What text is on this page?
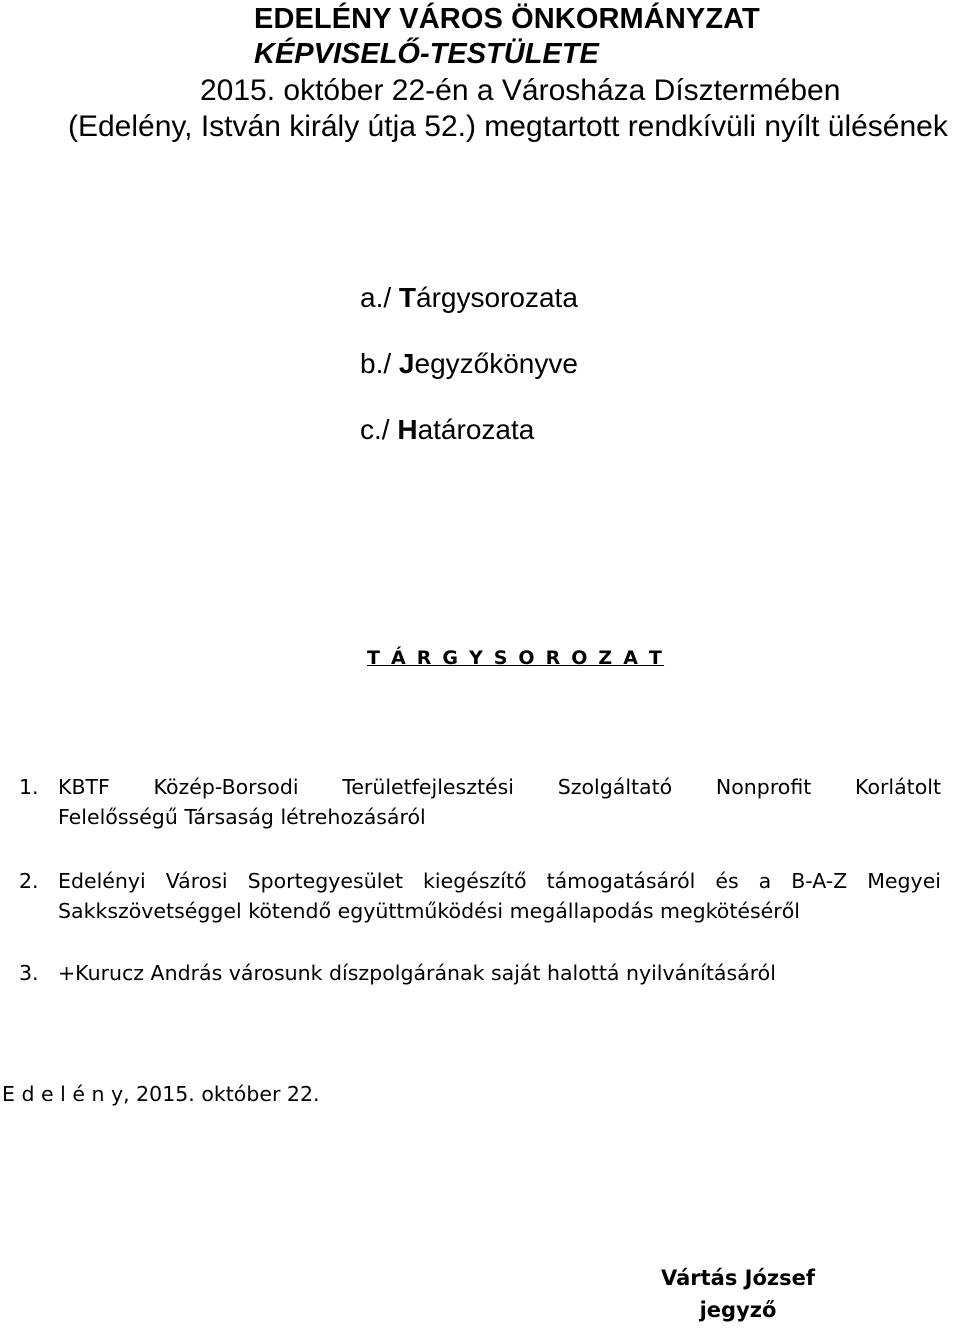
EDELÉNY VÁROS ÖNKORMÁNYZAT
KÉPVISELŐ-TESTÜLETE
2015. október 22-én a Városháza Dísztermében
(Edelény, István király útja 52.) megtartott rendkívüli nyílt ülésének
a./ Tárgysorozata
b./ Jegyzőkönyve
c./ Határozata
T Á R G Y S O R O Z A T
1. KBTF Közép-Borsodi Területfejlesztési Szolgáltató Nonprofit Korlátolt
Felelősségű Társaság létrehozásáról
2. Edelényi Városi Sportegyesület kiegészítő támogatásáról és a B-A-Z Megyei
Sakkszövetséggel kötendő együttműködési megállapodás megkötéséről
3. +Kurucz András városunk díszpolgárának saját halottá nyilvánításáról
E d e l é n y, 2015. október 22.
Vártás József
jegyző
